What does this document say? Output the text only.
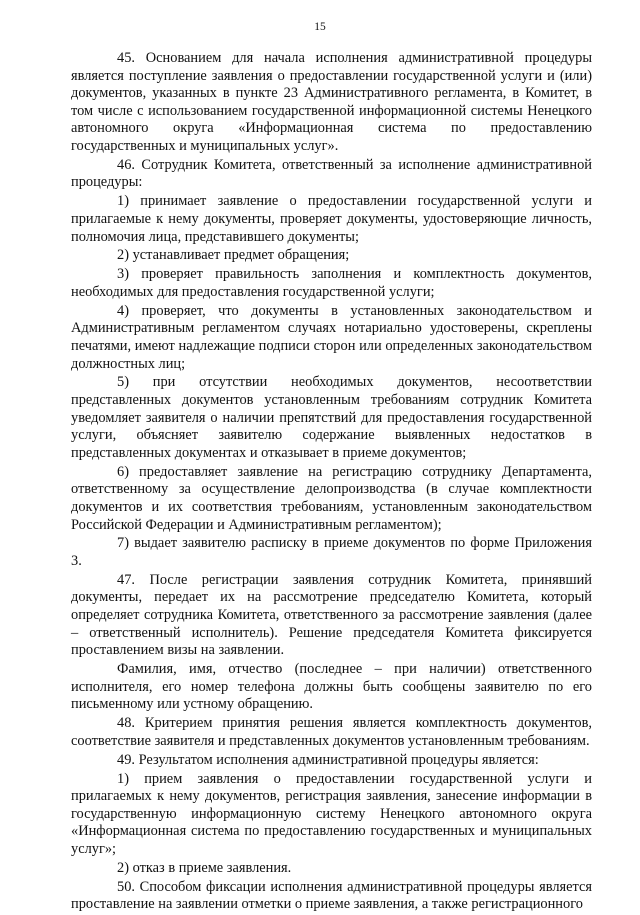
15

45. Основанием для начала исполнения административной процедуры является поступление заявления о предоставлении государственной услуги и (или) документов, указанных в пункте 23 Административного регламента, в Комитет, в том числе с использованием государственной информационной системы Ненецкого автономного округа «Информационная система по предоставлению государственных и муниципальных услуг».

46. Сотрудник Комитета, ответственный за исполнение административной процедуры:

1) принимает заявление о предоставлении государственной услуги и прилагаемые к нему документы, проверяет документы, удостоверяющие личность, полномочия лица, представившего документы;

2) устанавливает предмет обращения;

3) проверяет правильность заполнения и комплектность документов, необходимых для предоставления государственной услуги;

4) проверяет, что документы в установленных законодательством и Административным регламентом случаях нотариально удостоверены, скреплены печатями, имеют надлежащие подписи сторон или определенных законодательством должностных лиц;

5) при отсутствии необходимых документов, несоответствии представленных документов установленным требованиям сотрудник Комитета уведомляет заявителя о наличии препятствий для предоставления государственной услуги, объясняет заявителю содержание выявленных недостатков в представленных документах и отказывает в приеме документов;

6) предоставляет заявление на регистрацию сотруднику Департамента, ответственному за осуществление делопроизводства (в случае комплектности документов и их соответствия требованиям, установленным законодательством Российской Федерации и Административным регламентом);

7) выдает заявителю расписку в приеме документов по форме Приложения 3.

47. После регистрации заявления сотрудник Комитета, принявший документы, передает их на рассмотрение председателю Комитета, который определяет сотрудника Комитета, ответственного за рассмотрение заявления (далее – ответственный исполнитель). Решение председателя Комитета фиксируется проставлением визы на заявлении.

Фамилия, имя, отчество (последнее – при наличии) ответственного исполнителя, его номер телефона должны быть сообщены заявителю по его письменному или устному обращению.

48. Критерием принятия решения является комплектность документов, соответствие заявителя и представленных документов установленным требованиям.

49. Результатом исполнения административной процедуры является:

1) прием заявления о предоставлении государственной услуги и прилагаемых к нему документов, регистрация заявления, занесение информации в государственную информационную систему Ненецкого автономного округа «Информационная система по предоставлению государственных и муниципальных услуг»;

2) отказ в приеме заявления.

50. Способом фиксации исполнения административной процедуры является проставление на заявлении отметки о приеме заявления, а также регистрационного
